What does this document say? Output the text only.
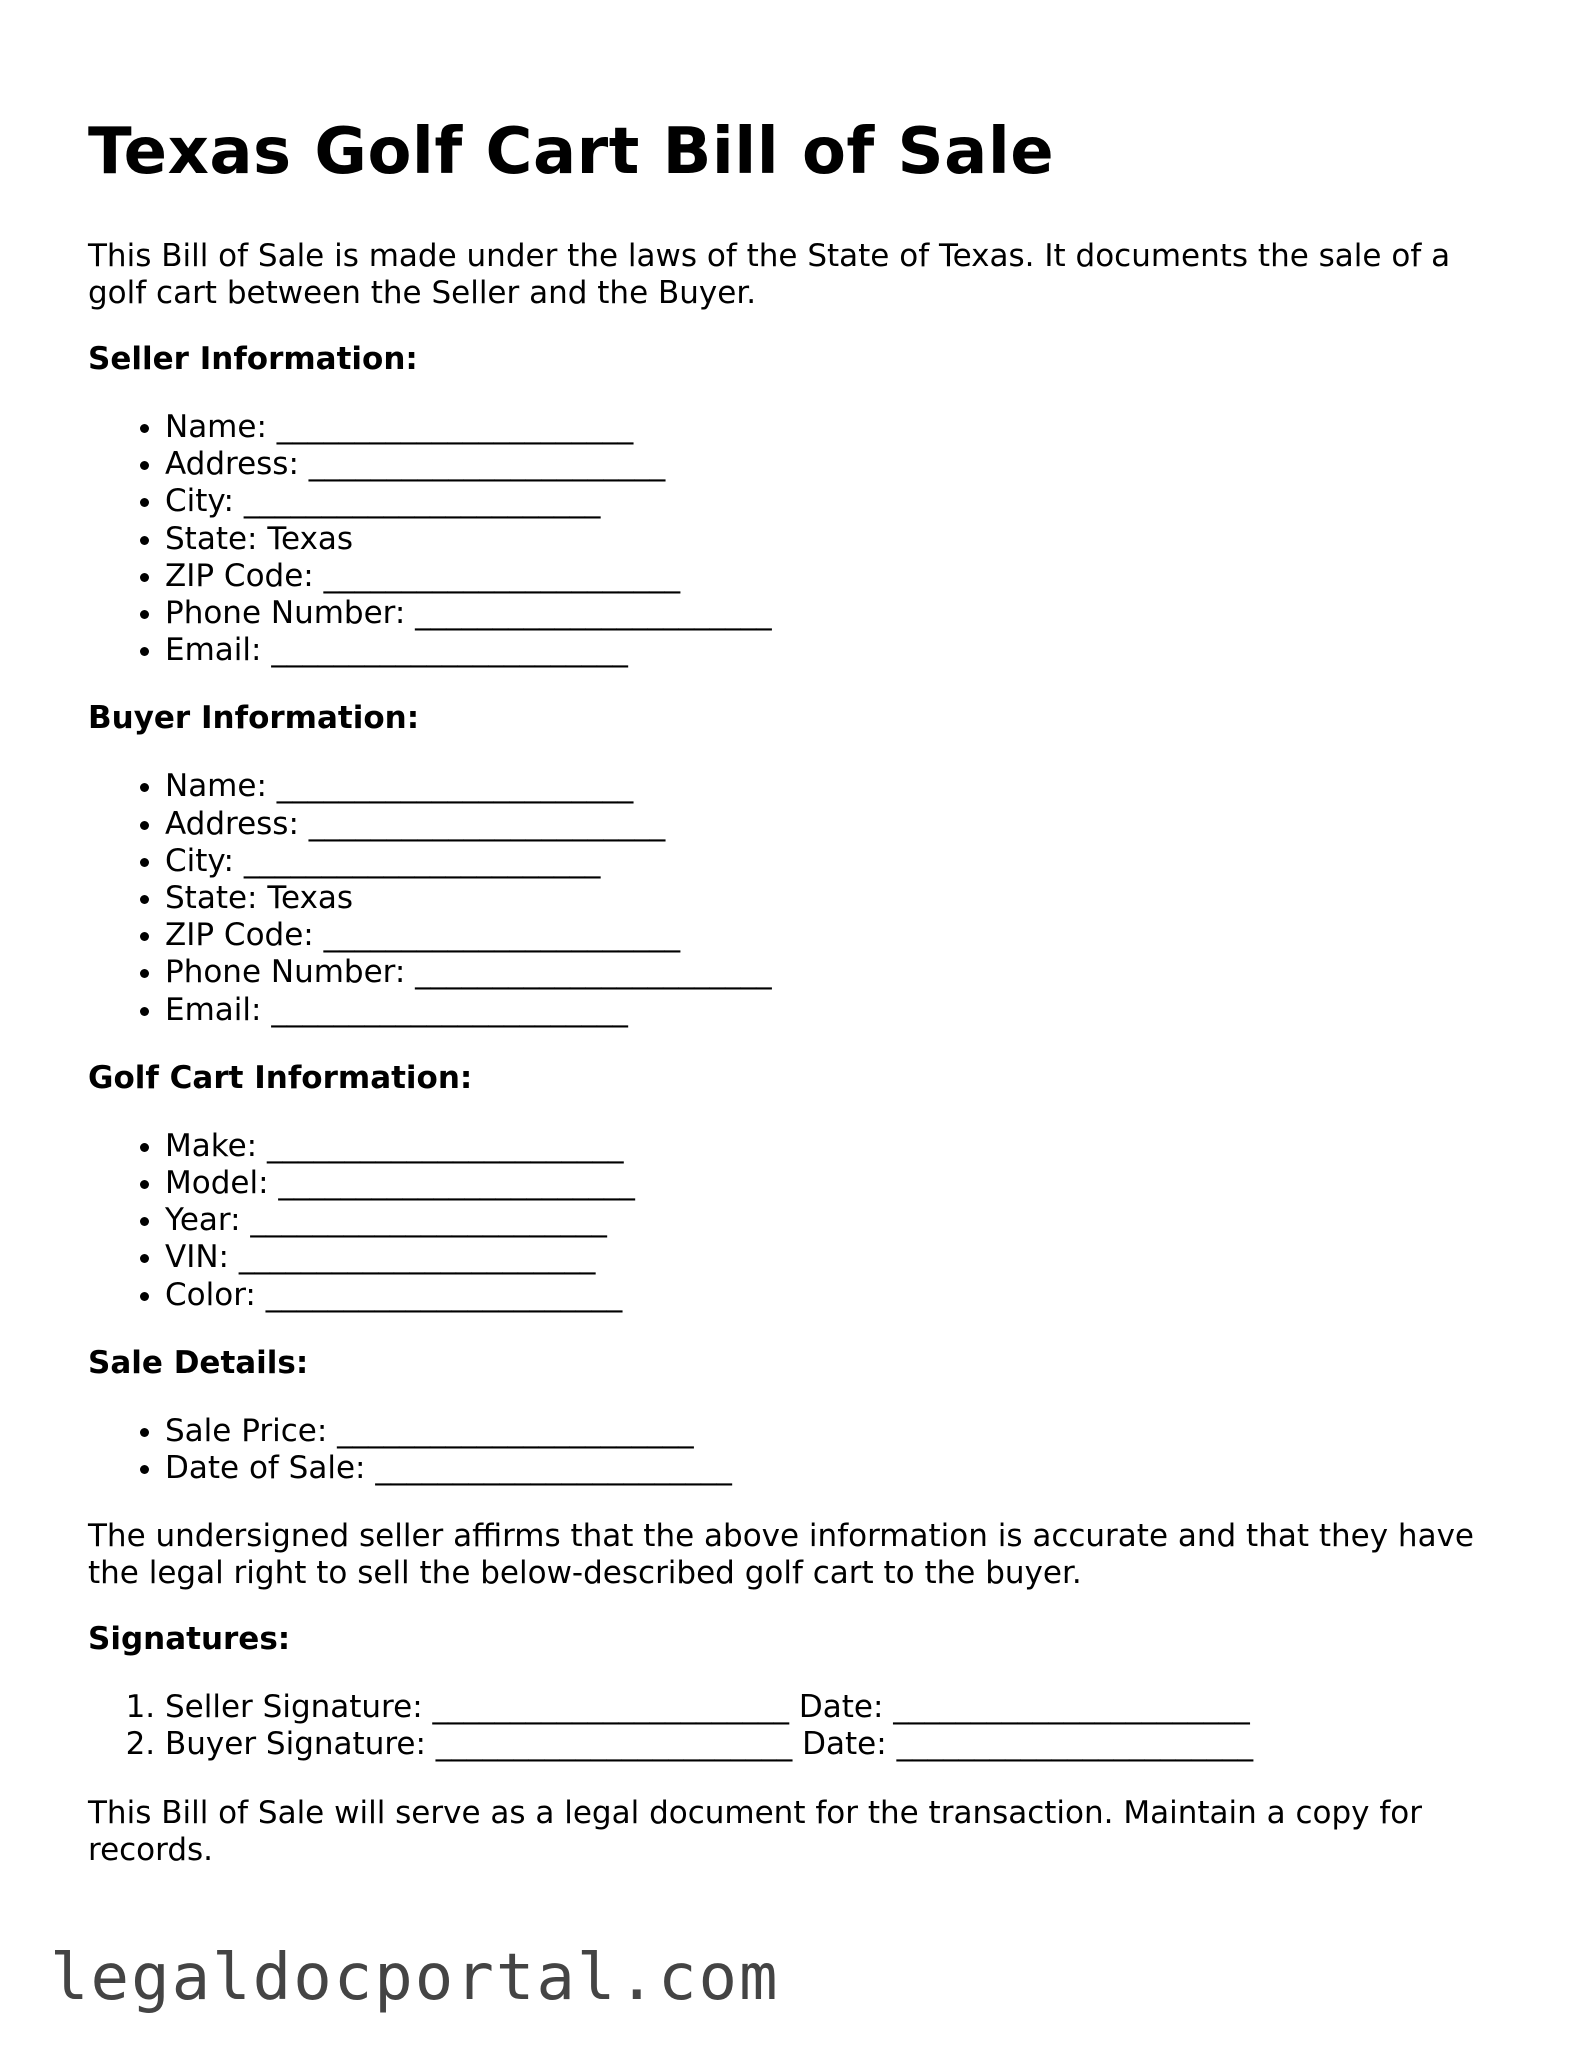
Texas Golf Cart Bill of Sale

This Bill of Sale is made under the laws of the State of Texas. It documents the sale of a golf cart between the Seller and the Buyer.

Seller Information:
• Name: _______________________
• Address: _______________________
• City: _______________________
• State: Texas
• ZIP Code: _______________________
• Phone Number: _______________________
• Email: _______________________
Buyer Information:
• Name: _______________________
• Address: _______________________
• City: _______________________
• State: Texas
• ZIP Code: _______________________
• Phone Number: _______________________
• Email: _______________________
Golf Cart Information:
• Make: _______________________
• Model: _______________________
• Year: _______________________
• VIN: _______________________
• Color: _______________________
Sale Details:
• Sale Price: _______________________
• Date of Sale: _______________________

The undersigned seller affirms that the above information is accurate and that they have the legal right to sell the below-described golf cart to the buyer.

Signatures:
1. Seller Signature: _______________________ Date: _______________________
2. Buyer Signature: _______________________ Date: _______________________

This Bill of Sale will serve as a legal document for the transaction. Maintain a copy for records.

legaldocportal.com
